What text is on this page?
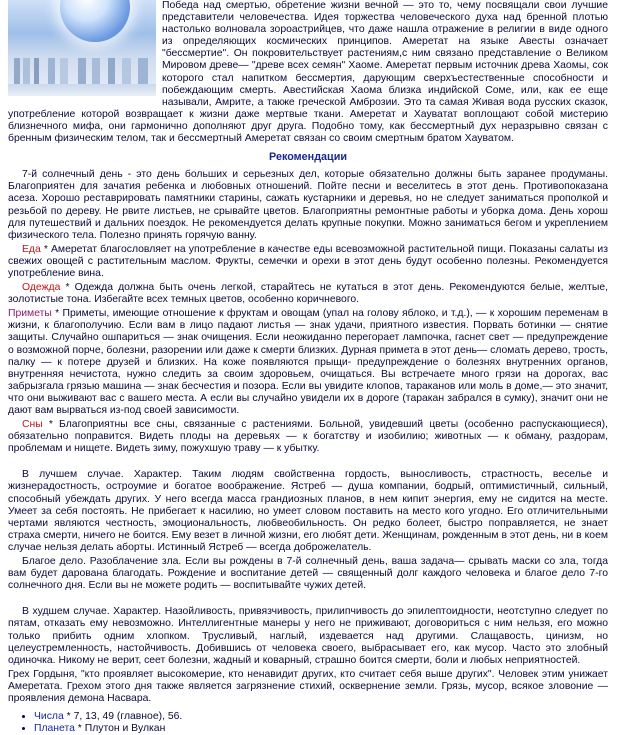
Победа над смертью, обретение жизни вечной — это то, чему посвящали свои лучшие представители человечества. Идея торжества человеческого духа над бренной плотью настолько волновала зороастрийцев, что даже нашла отражение в религии в виде одного из определяющих космических принципов. Амеретат на языке Авесты означает "бессмертие". Он покровительствует растениям,с ним связано представление о Великом Мировом древе— "древе всех семян" Хаоме. Амеретат первым источник древа Хаомы, сок которого стал напитком бессмертия, дарующим сверхъестественные способности и побеждающим смерть. Авестийская Хаома близка индийской Соме, или, как ее еще называли, Амрите, а также греческой Амброзии. Это та самая Живая вода русских сказок, употребление которой возвращает к жизни даже мертвые ткани. Амеретат и Хауватат воплощают собой мистерию близнечного мифа, они гармонично дополняют друг друга. Подобно тому, как бессмертный дух неразрывно связан с бренным физическим телом, так и бессмертный Амеретат связан со своим смертным братом Хауватом.

Рекомендации

7-й солнечный день - это день больших и серьезных дел, которые обязательно должны быть заранее продуманы. Благоприятен для зачатия ребенка и любовных отношений. Пойте песни и веселитесь в этот день. Противопоказана асеза. Хорошо реставрировать памятники старины, сажать кустарники и деревья, но не следует заниматься прополкой и резьбой по дереву. Не рвите листьев, не срывайте цветов. Благоприятны ремонтные работы и уборка дома. День хорош для путешествий и дальних поездок. Не рекомендуется делать крупные покупки. Можно заниматься бегом и укреплением физического тела. Полезно принять горячую ванну.

Еда * Амеретат благословляет на употребление в качестве еды всевозможной растительной пищи. Показаны салаты из свежих овощей с растительным маслом. Фрукты, семечки и орехи в этот день будут особенно полезны. Рекомендуется употребление вина.

Одежда * Одежда должна быть очень легкой, старайтесь не кутаться в этот день. Рекомендуются белые, желтые, золотистые тона. Избегайте всех темных цветов, особенно коричневого.

Приметы * Приметы, имеющие отношение к фруктам и овощам (упал на голову яблоко, и т.д.), — к хорошим переменам в жизни, к благополучию. Если вам в лицо падают листья — знак удачи, приятного известия. Порвать ботинки — снятие защиты. Случайно ошпариться — знак очищения. Если неожиданно перегорает лампочка, гаснет свет — предупреждение о возможной порче, болезни, разорении или даже к смерти близких. Дурная примета в этот день— сломать дерево, трость, палку — к потере друзей и близких. На коже появляются прыщи- предупреждение о болезнях внутренних органов, внутренняя нечистота, нужно следить за своим здоровьем, очищаться. Вы встречаете много грязи на дорогах, вас забрызгала грязью машина — знак бесчестия и позора. Если вы увидите клопов, тараканов или моль в доме,— это значит, что они выживают вас с вашего места. А если вы случайно увидели их в дороге (таракан забрался в сумку), значит они не дают вам вырваться из-под своей зависимости.

Сны * Благоприятны все сны, связанные с растениями. Больной, увидевший цветы (особенно распускающиеся), обязательно поправится. Видеть плоды на деревьях — к богатству и изобилию; животных — к обману, раздорам, проблемам и нищете. Видеть зиму, пожухшую траву — к убытку.

В лучшем случае. Характер. Таким людям свойственна гордость, выносливость, страстность, веселье и жизнерадостность, остроумие и богатое воображение. Ястреб — душа компании, бодрый, оптимистичный, сильный, способный убеждать других. У него всегда масса грандиозных планов, в нем кипит энергия, ему не сидится на месте. Умеет за себя постоять. Не прибегает к насилию, но умеет словом поставить на место кого угодно. Его отличительными чертами являются честность, эмоциональность, любвеобильность. Он редко болеет, быстро поправляется, не знает страха смерти, ничего не боится. Ему везет в личной жизни, его любят дети. Женщинам, рожденным в этот день, ни в коем случае нельзя делать аборты. Истинный Ястреб — всегда доброжелатель.

Благое дело. Разоблачение зла. Если вы рождены в 7-й солнечный день, ваша задача— срывать маски со зла, тогда вам будет дарована благодать. Рождение и воспитание детей — священный долг каждого человека и благое дело 7-го солнечного дня. Если вы не можете родить — воспитывайте чужих детей.

В худшем случае. Характер. Назойливость, привязчивость, прилипчивость до эпилептоидности, неотступно следует по пятам, отказать ему невозможно. Интеллигентные манеры у него не приживают, договориться с ним нельзя, его можно только прибить одним хлопком. Трусливый, наглый, издевается над другими. Слащавость, цинизм, но целеустремленность, настойчивость. Добившись от человека своего, выбрасывает его, как мусор. Часто это злобный одиночка. Никому не верит, сеет болезни, жадный и коварный, страшно боится смерти, боли и любых неприятностей.

Грех Гордыня, "кто проявляет высокомерие, кто ненавидит других, кто считает себя выше других". Человек этим унижает Амеретата. Грехом этого дня также является загрязнение стихий, осквернение земли. Грязь, мусор, всякое зловоние — проявления демона Насвара.

• Числа * 7, 13, 49 (главное), 56.
• Планета * Плутон и Вулкан
